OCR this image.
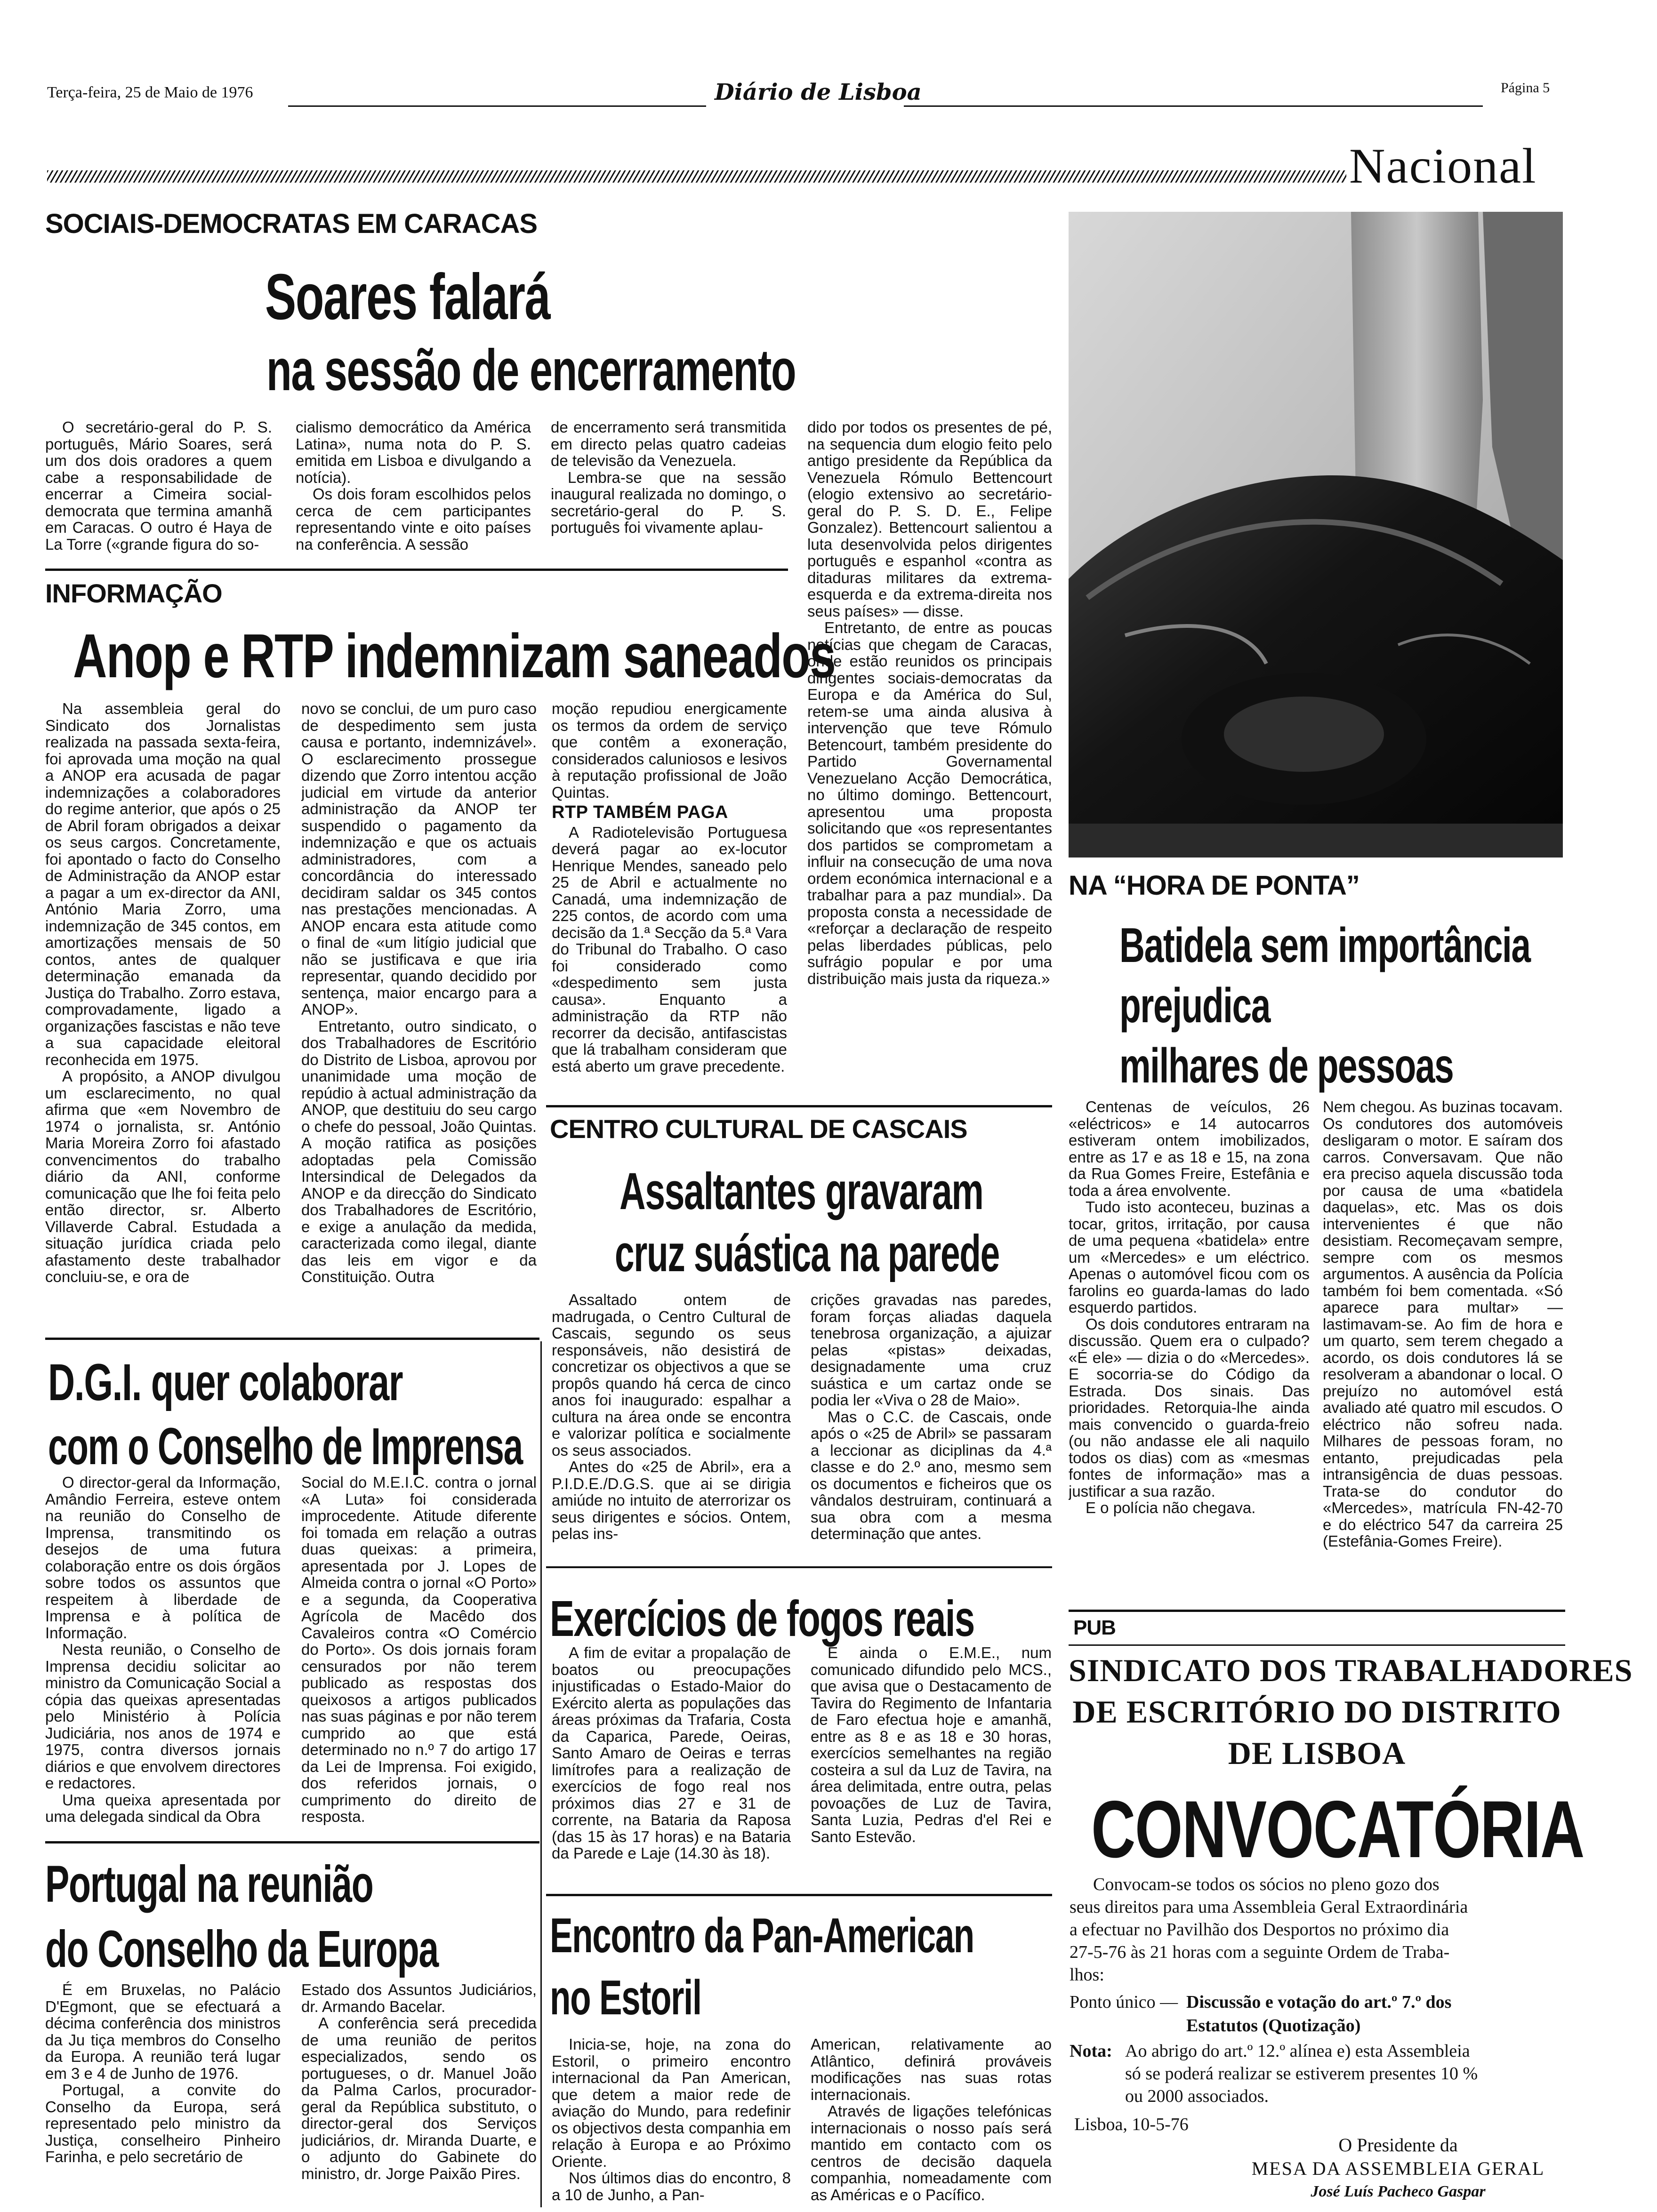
Terça-feira, 25 de Maio de 1976	Diário de Lisboa	Página 5
Nacional
SOCIAIS-DEMOCRATAS EM CARACAS
Soares falará
na sessão de encerramento

O secretário-geral do P. S. português, Mário Soares, será um dos dois oradores a quem cabe a responsabilidade de encerrar a Cimeira social-democrata que termina amanhã em Caracas. O outro é Haya de La Torre («grande figura do so-

cialismo democrático da América Latina», numa nota do P. S. emitida em Lisboa e divulgando a notícia).

Os dois foram escolhidos pelos cerca de cem participantes representando vinte e oito países na conferência. A sessão

de encerramento será transmitida em directo pelas quatro cadeias de televisão da Venezuela.

Lembra-se que na sessão inaugural realizada no domingo, o secretário-geral do P. S. português foi vivamente aplau-

dido por todos os presentes de pé, na sequencia dum elogio feito pelo antigo presidente da República da Venezuela Rómulo Bettencourt (elogio extensivo ao secretário-geral do P. S. D. E., Felipe Gonzalez). Bettencourt salientou a luta desenvolvida pelos dirigentes português e espanhol «contra as ditaduras militares da extrema-esquerda e da extrema-direita nos seus países» — disse.

Entretanto, de entre as poucas notícias que chegam de Caracas, onde estão reunidos os principais dirigentes sociais-democratas da Europa e da América do Sul, retem-se uma ainda alusiva à intervenção que teve Rómulo Betencourt, também presidente do Partido Governamental Venezuelano Acção Democrática, no último domingo. Bettencourt, apresentou uma proposta solicitando que «os representantes dos partidos se comprometam a influir na consecução de uma nova ordem económica internacional e a trabalhar para a paz mundial». Da proposta consta a necessidade de «reforçar a declaração de respeito pelas liberdades públicas, pelo sufrágio popular e por uma distribuição mais justa da riqueza.»

INFORMAÇÃO
Anop e RTP indemnizam saneados

Na assembleia geral do Sindicato dos Jornalistas realizada na passada sexta-feira, foi aprovada uma moção na qual a ANOP era acusada de pagar indemnizações a colaboradores do regime anterior, que após o 25 de Abril foram obrigados a deixar os seus cargos. Concretamente, foi apontado o facto do Conselho de Administração da ANOP estar a pagar a um ex-director da ANI, António Maria Zorro, uma indemnização de 345 contos, em amortizações mensais de 50 contos, antes de qualquer determinação emanada da Justiça do Trabalho. Zorro estava, comprovadamente, ligado a organizações fascistas e não teve a sua capacidade eleitoral reconhecida em 1975.

A propósito, a ANOP divulgou um esclarecimento, no qual afirma que «em Novembro de 1974 o jornalista, sr. António Maria Moreira Zorro foi afastado convencimentos do trabalho diário da ANI, conforme comunicação que lhe foi feita pelo então director, sr. Alberto Villaverde Cabral. Estudada a situação jurídica criada pelo afastamento deste trabalhador concluiu-se, e ora de

novo se conclui, de um puro caso de despedimento sem justa causa e portanto, indemnizável». O esclarecimento prossegue dizendo que Zorro intentou acção judicial em virtude da anterior administração da ANOP ter suspendido o pagamento da indemnização e que os actuais administradores, com a concordância do interessado decidiram saldar os 345 contos nas prestações mencionadas. A ANOP encara esta atitude como o final de «um litígio judicial que não se justificava e que iria representar, quando decidido por sentença, maior encargo para a ANOP».

Entretanto, outro sindicato, o dos Trabalhadores de Escritório do Distrito de Lisboa, aprovou por unanimidade uma moção de repúdio à actual administração da ANOP, que destituiu do seu cargo o chefe do pessoal, João Quintas. A moção ratifica as posições adoptadas pela Comissão Intersindical de Delegados da ANOP e da direcção do Sindicato dos Trabalhadores de Escritório, e exige a anulação da medida, caracterizada como ilegal, diante das leis em vigor e da Constituição. Outra

moção repudiou energicamente os termos da ordem de serviço que contêm a exoneração, considerados caluniosos e lesivos à reputação profissional de João Quintas.

RTP TAMBÉM PAGA

A Radiotelevisão Portuguesa deverá pagar ao ex-locutor Henrique Mendes, saneado pelo 25 de Abril e actualmente no Canadá, uma indemnização de 225 contos, de acordo com uma decisão da 1.ª Secção da 5.ª Vara do Tribunal do Trabalho. O caso foi considerado como «despedimento sem justa causa». Enquanto a administração da RTP não recorrer da decisão, antifascistas que lá trabalham consideram que está aberto um grave precedente.

CENTRO CULTURAL DE CASCAIS
Assaltantes gravaram
cruz suástica na parede

Assaltado ontem de madrugada, o Centro Cultural de Cascais, segundo os seus responsáveis, não desistirá de concretizar os objectivos a que se propôs quando há cerca de cinco anos foi inaugurado: espalhar a cultura na área onde se encontra e valorizar política e socialmente os seus associados.

Antes do «25 de Abril», era a P.I.D.E./D.G.S. que ai se dirigia amiúde no intuito de aterrorizar os seus dirigentes e sócios. Ontem, pelas ins-

crições gravadas nas paredes, foram forças aliadas daquela tenebrosa organização, a ajuizar pelas «pistas» deixadas, designadamente uma cruz suástica e um cartaz onde se podia ler «Viva o 28 de Maio».

Mas o C.C. de Cascais, onde após o «25 de Abril» se passaram a leccionar as diciplinas da 4.ª classe e do 2.º ano, mesmo sem os documentos e ficheiros que os vândalos destruiram, continuará a sua obra com a mesma determinação que antes.

D.G.I. quer colaborar
com o Conselho de Imprensa

O director-geral da Informação, Amândio Ferreira, esteve ontem na reunião do Conselho de Imprensa, transmitindo os desejos de uma futura colaboração entre os dois órgãos sobre todos os assuntos que respeitem à liberdade de Imprensa e à política de Informação.

Nesta reunião, o Conselho de Imprensa decidiu solicitar ao ministro da Comunicação Social a cópia das queixas apresentadas pelo Ministério à Polícia Judiciária, nos anos de 1974 e 1975, contra diversos jornais diários e que envolvem directores e redactores.

Uma queixa apresentada por uma delegada sindical da Obra

Social do M.E.I.C. contra o jornal «A Luta» foi considerada improcedente. Atitude diferente foi tomada em relação a outras duas queixas: a primeira, apresentada por J. Lopes de Almeida contra o jornal «O Porto» e a segunda, da Cooperativa Agrícola de Macêdo dos Cavaleiros contra «O Comércio do Porto». Os dois jornais foram censurados por não terem publicado as respostas dos queixosos a artigos publicados nas suas páginas e por não terem cumprido ao que está determinado no n.º 7 do artigo 17 da Lei de Imprensa. Foi exigido, dos referidos jornais, o cumprimento do direito de resposta.

Portugal na reunião
do Conselho da Europa

É em Bruxelas, no Palácio D'Egmont, que se efectuará a décima conferência dos ministros da Ju tiça membros do Conselho da Europa. A reunião terá lugar em 3 e 4 de Junho de 1976.

Portugal, a convite do Conselho da Europa, será representado pelo ministro da Justiça, conselheiro Pinheiro Farinha, e pelo secretário de

Estado dos Assuntos Judiciários, dr. Armando Bacelar.

A conferência será precedida de uma reunião de peritos especializados, sendo os portugueses, o dr. Manuel João da Palma Carlos, procurador-geral da República substituto, o director-geral dos Serviços judiciários, dr. Miranda Duarte, e o adjunto do Gabinete do ministro, dr. Jorge Paixão Pires.

Exercícios de fogos reais

A fim de evitar a propalação de boatos ou preocupações injustificadas o Estado-Maior do Exército alerta as populações das áreas próximas da Trafaria, Costa da Caparica, Parede, Oeiras, Santo Amaro de Oeiras e terras limítrofes para a realização de exercícios de fogo real nos próximos dias 27 e 31 de corrente, na Bataria da Raposa (das 15 às 17 horas) e na Bataria da Parede e Laje (14.30 às 18).

É ainda o E.M.E., num comunicado difundido pelo MCS., que avisa que o Destacamento de Tavira do Regimento de Infantaria de Faro efectua hoje e amanhã, entre as 8 e as 18 e 30 horas, exercícios semelhantes na região costeira a sul da Luz de Tavira, na área delimitada, entre outra, pelas povoações de Luz de Tavira, Santa Luzia, Pedras d'el Rei e Santo Estevão.

Encontro da Pan-American
no Estoril

Inicia-se, hoje, na zona do Estoril, o primeiro encontro internacional da Pan American, que detem a maior rede de aviação do Mundo, para redefinir os objectivos desta companhia em relação à Europa e ao Próximo Oriente.

Nos últimos dias do encontro, 8 a 10 de Junho, a Pan-

American, relativamente ao Atlântico, definirá prováveis modificações nas suas rotas internacionais.

Através de ligações telefónicas internacionais o nosso país será mantido em contacto com os centros de decisão daquela companhia, nomeadamente com as Américas e o Pacífico.

NA “HORA DE PONTA”
Batidela sem importância
prejudica
milhares de pessoas

Centenas de veículos, 26 «eléctricos» e 14 autocarros estiveram ontem imobilizados, entre as 17 e as 18 e 15, na zona da Rua Gomes Freire, Estefânia e toda a área envolvente.

Tudo isto aconteceu, buzinas a tocar, gritos, irritação, por causa de uma pequena «batidela» entre um «Mercedes» e um eléctrico. Apenas o automóvel ficou com os farolins eo guarda-lamas do lado esquerdo partidos.

Os dois condutores entraram na discussão. Quem era o culpado? «É ele» — dizia o do «Mercedes». E socorria-se do Código da Estrada. Dos sinais. Das prioridades. Retorquia-lhe ainda mais convencido o guarda-freio (ou não andasse ele ali naquilo todos os dias) com as «mesmas fontes de informação» mas a justificar a sua razão.

E o polícia não chegava.

Nem chegou. As buzinas tocavam. Os condutores dos automóveis desligaram o motor. E saíram dos carros. Conversavam. Que não era preciso aquela discussão toda por causa de uma «batidela daquelas», etc. Mas os dois intervenientes é que não desistiam. Recomeçavam sempre, sempre com os mesmos argumentos. A ausência da Polícia também foi bem comentada. «Só aparece para multar» — lastimavam-se. Ao fim de hora e um quarto, sem terem chegado a acordo, os dois condutores lá se resolveram a abandonar o local. O prejuízo no automóvel está avaliado até quatro mil escudos. O eléctrico não sofreu nada. Milhares de pessoas foram, no entanto, prejudicadas pela intransigência de duas pessoas. Trata-se do condutor do «Mercedes», matrícula FN-42-70 e do eléctrico 547 da carreira 25 (Estefânia-Gomes Freire).

PUB
SINDICATO DOS TRABALHADORES
DE ESCRITÓRIO DO DISTRITO
DE LISBOA
CONVOCATÓRIA
Convocam-se todos os sócios no pleno gozo dos
seus direitos para uma Assembleia Geral Extraordinária
a efectuar no Pavilhão dos Desportos no próximo dia
27-5-76 às 21 horas com a seguinte Ordem de Traba-
lhos:
Ponto único — Discussão e votação do art.º 7.º dos
Estatutos (Quotização)
Nota: Ao abrigo do art.º 12.º alínea e) esta Assembleia
só se poderá realizar se estiverem presentes 10 %
ou 2000 associados.
Lisboa, 10-5-76
O Presidente da
MESA DA ASSEMBLEIA GERAL
José Luís Pacheco Gaspar
